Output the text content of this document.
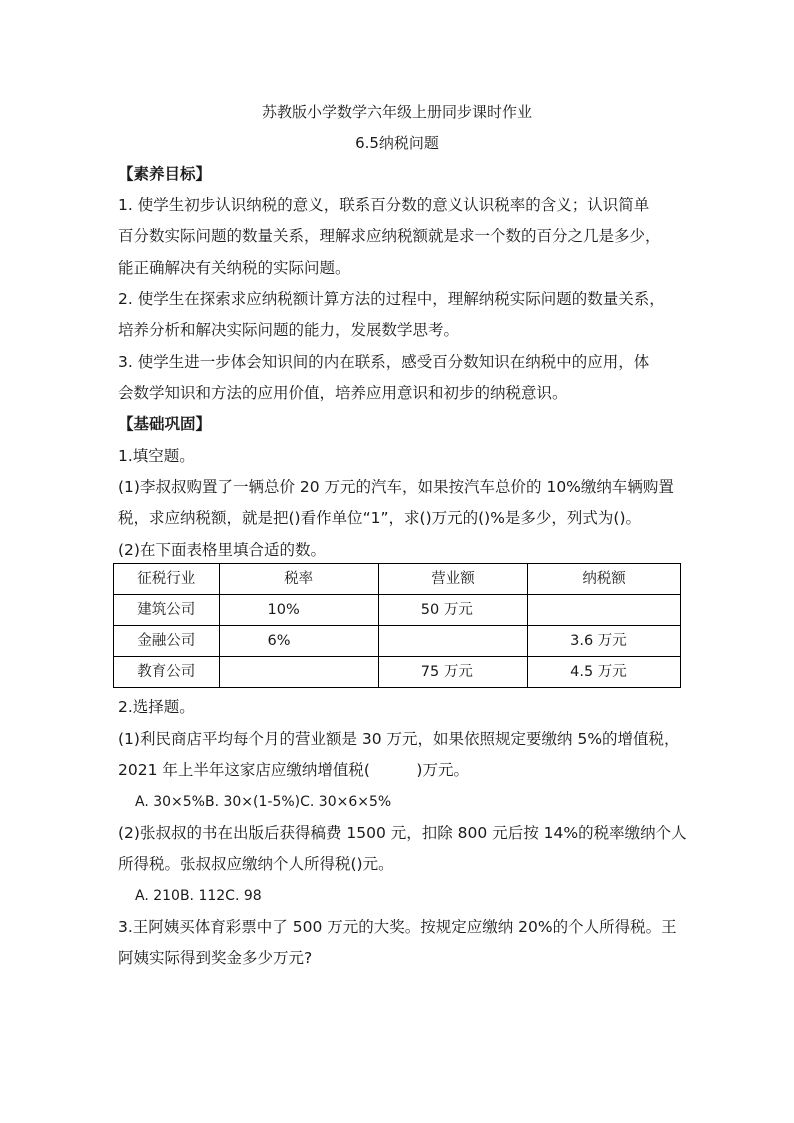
苏教版小学数学六年级上册同步课时作业
6.5纳税问题
【素养目标】
1. 使学生初步认识纳税的意义，联系百分数的意义认识税率的含义；认识简单
百分数实际问题的数量关系，理解求应纳税额就是求一个数的百分之几是多少，
能正确解决有关纳税的实际问题。
2. 使学生在探索求应纳税额计算方法的过程中，理解纳税实际问题的数量关系，
培养分析和解决实际问题的能力，发展数学思考。
3. 使学生进一步体会知识间的内在联系，感受百分数知识在纳税中的应用，体
会数学知识和方法的应用价值，培养应用意识和初步的纳税意识。
【基础巩固】
1.填空题。
(1)李叔叔购置了一辆总价 20 万元的汽车，如果按汽车总价的 10%缴纳车辆购置
税，求应纳税额，就是把()看作单位“1”，求()万元的()%是多少，列式为()。
(2)在下面表格里填合适的数。
征税行业	税率	营业额	纳税额
建筑公司	10%	50 万元	
金融公司	6%		3.6 万元
教育公司		75 万元	4.5 万元
2.选择题。
(1)利民商店平均每个月的营业额是 30 万元，如果依照规定要缴纳 5%的增值税，
2021 年上半年这家店应缴纳增值税(　　　)万元。
A. 30×5%B. 30×(1-5%)C. 30×6×5%
(2)张叔叔的书在出版后获得稿费 1500 元，扣除 800 元后按 14%的税率缴纳个人
所得税。张叔叔应缴纳个人所得税()元。
A. 210B. 112C. 98
3.王阿姨买体育彩票中了 500 万元的大奖。按规定应缴纳 20%的个人所得税。王
阿姨实际得到奖金多少万元?
